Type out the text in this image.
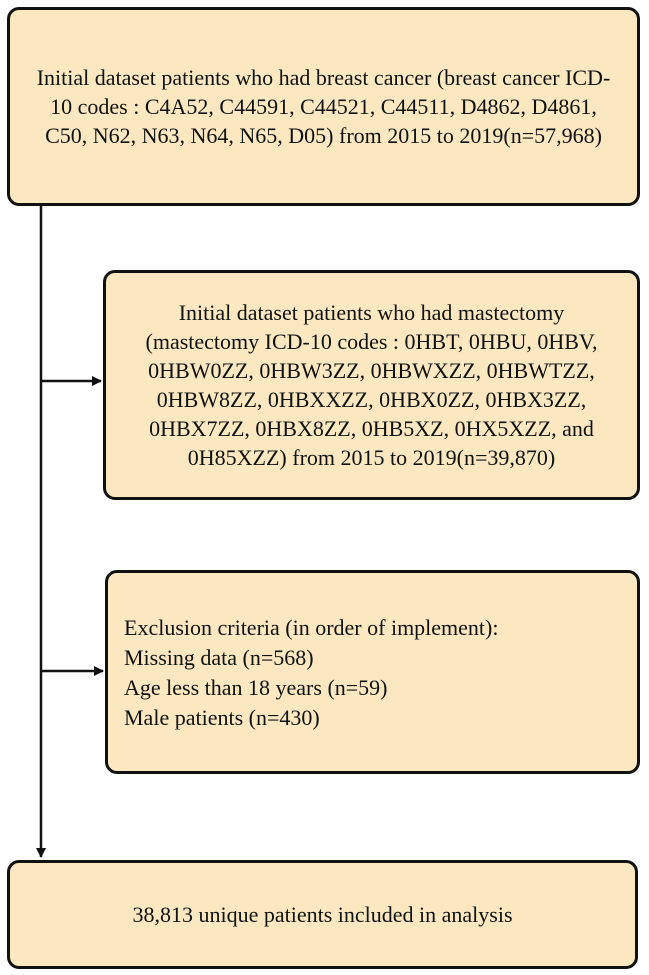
Initial dataset patients who had breast cancer (breast cancer ICD-10 codes : C4A52, C44591, C44521, C44511, D4862, D4861, C50, N62, N63, N64, N65, D05) from 2015 to 2019(n=57,968)
Initial dataset patients who had mastectomy (mastectomy ICD-10 codes : 0HBT, 0HBU, 0HBV, 0HBW0ZZ, 0HBW3ZZ, 0HBWXZZ, 0HBWTZZ, 0HBW8ZZ, 0HBXXZZ, 0HBX0ZZ, 0HBX3ZZ, 0HBX7ZZ, 0HBX8ZZ, 0HB5XZ, 0HX5XZZ, and 0H85XZZ) from 2015 to 2019(n=39,870)
Exclusion criteria (in order of implement):
Missing data (n=568)
Age less than 18 years (n=59)
Male patients (n=430)
38,813 unique patients included in analysis
